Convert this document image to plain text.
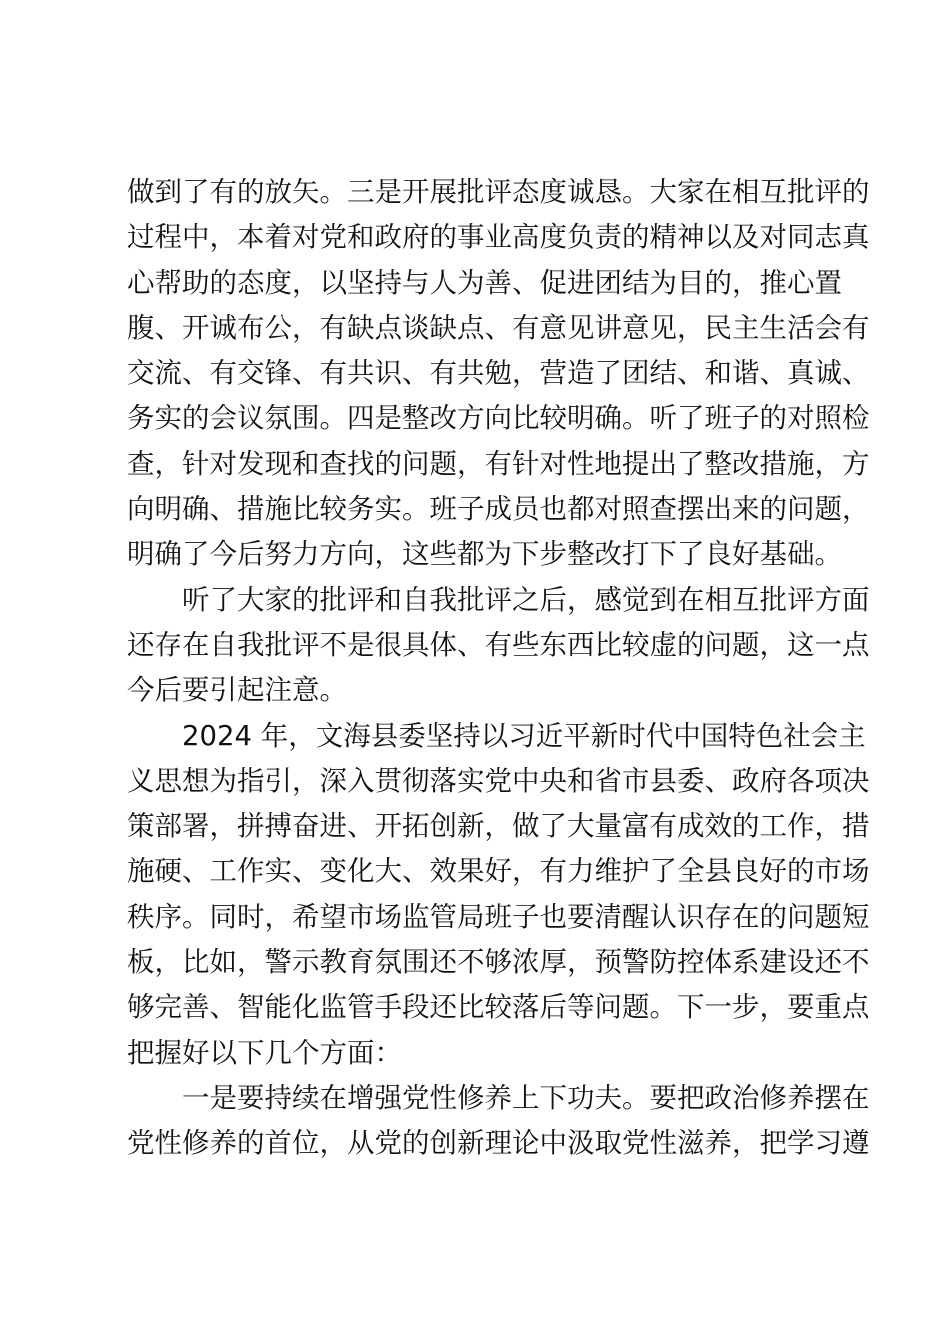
做到了有的放矢。三是开展批评态度诚恳。大家在相互批评的
过程中，本着对党和政府的事业高度负责的精神以及对同志真
心帮助的态度，以坚持与人为善、促进团结为目的，推心置
腹、开诚布公，有缺点谈缺点、有意见讲意见，民主生活会有
交流、有交锋、有共识、有共勉，营造了团结、和谐、真诚、
务实的会议氛围。四是整改方向比较明确。听了班子的对照检
查，针对发现和查找的问题，有针对性地提出了整改措施，方
向明确、措施比较务实。班子成员也都对照查摆出来的问题，
明确了今后努力方向，这些都为下步整改打下了良好基础。
听了大家的批评和自我批评之后，感觉到在相互批评方面
还存在自我批评不是很具体、有些东西比较虚的问题，这一点
今后要引起注意。
2024 年，文海县委坚持以习近平新时代中国特色社会主
义思想为指引，深入贯彻落实党中央和省市县委、政府各项决
策部署，拼搏奋进、开拓创新，做了大量富有成效的工作，措
施硬、工作实、变化大、效果好，有力维护了全县良好的市场
秩序。同时，希望市场监管局班子也要清醒认识存在的问题短
板，比如，警示教育氛围还不够浓厚，预警防控体系建设还不
够完善、智能化监管手段还比较落后等问题。下一步，要重点
把握好以下几个方面：
一是要持续在增强党性修养上下功夫。要把政治修养摆在
党性修养的首位，从党的创新理论中汲取党性滋养，把学习遵
